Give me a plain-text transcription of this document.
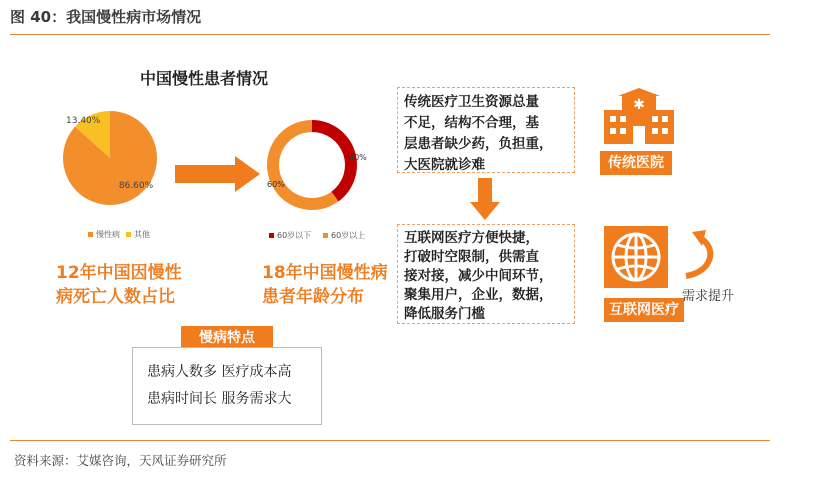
图 40：我国慢性病市场情况
中国慢性患者情况
13.40%
86.60%
慢性病 其他
40%
60%
60岁以下 60岁以上
12年中国因慢性
病死亡人数占比
18年中国慢性病
患者年龄分布
慢病特点
患病人数多 医疗成本高
患病时间长 服务需求大
传统医疗卫生资源总量
不足，结构不合理，基
层患者缺少药，负担重，
大医院就诊难
互联网医疗方便快捷，
打破时空限制，供需直
接对接，减少中间环节，
聚集用户，企业，数据，
降低服务门槛
✱
传统医院
互联网医疗
需求提升
资料来源：艾媒咨询，天风证券研究所
